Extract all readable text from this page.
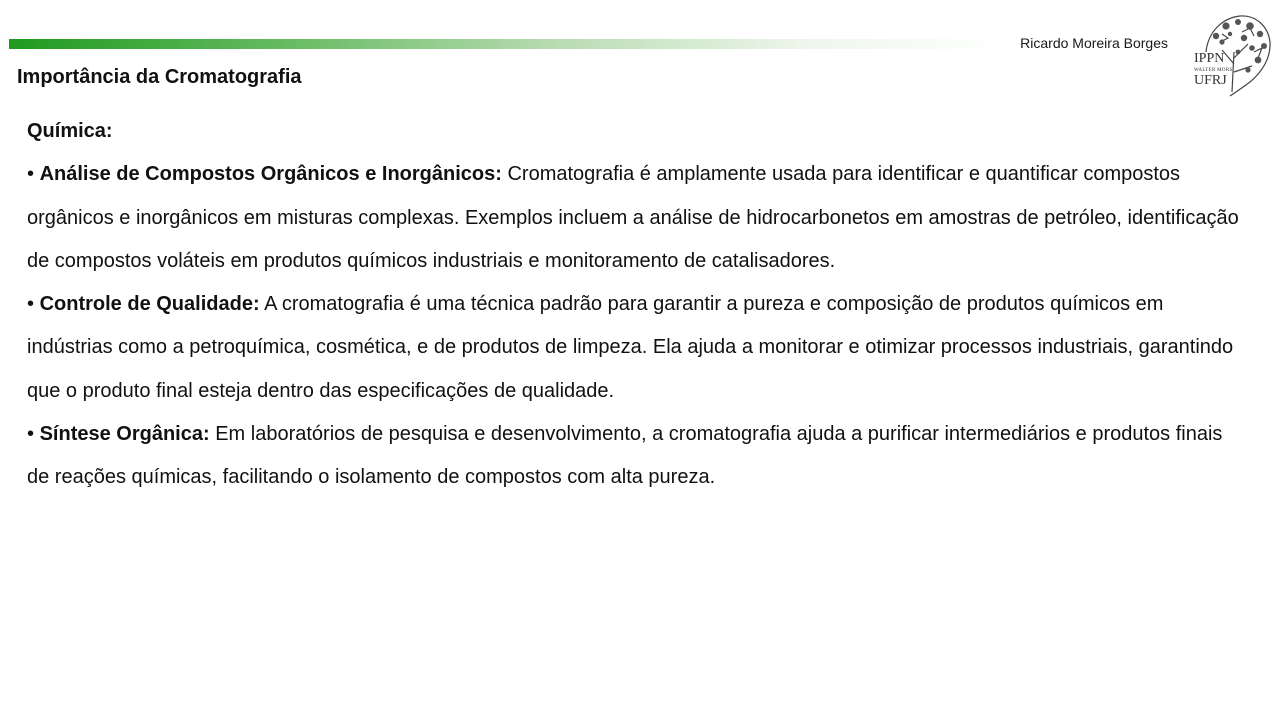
Ricardo Moreira Borges
Importância da Cromatografia
IPPN
WALTER MORS
UFRJ

Química:

• Análise de Compostos Orgânicos e Inorgânicos: Cromatografia é amplamente usada para identificar e quantificar compostos orgânicos e inorgânicos em misturas complexas. Exemplos incluem a análise de hidrocarbonetos em amostras de petróleo, identificação de compostos voláteis em produtos químicos industriais e monitoramento de catalisadores.

• Controle de Qualidade: A cromatografia é uma técnica padrão para garantir a pureza e composição de produtos químicos em indústrias como a petroquímica, cosmética, e de produtos de limpeza. Ela ajuda a monitorar e otimizar processos industriais, garantindo que o produto final esteja dentro das especificações de qualidade.

• Síntese Orgânica: Em laboratórios de pesquisa e desenvolvimento, a cromatografia ajuda a purificar intermediários e produtos finais de reações químicas, facilitando o isolamento de compostos com alta pureza.
